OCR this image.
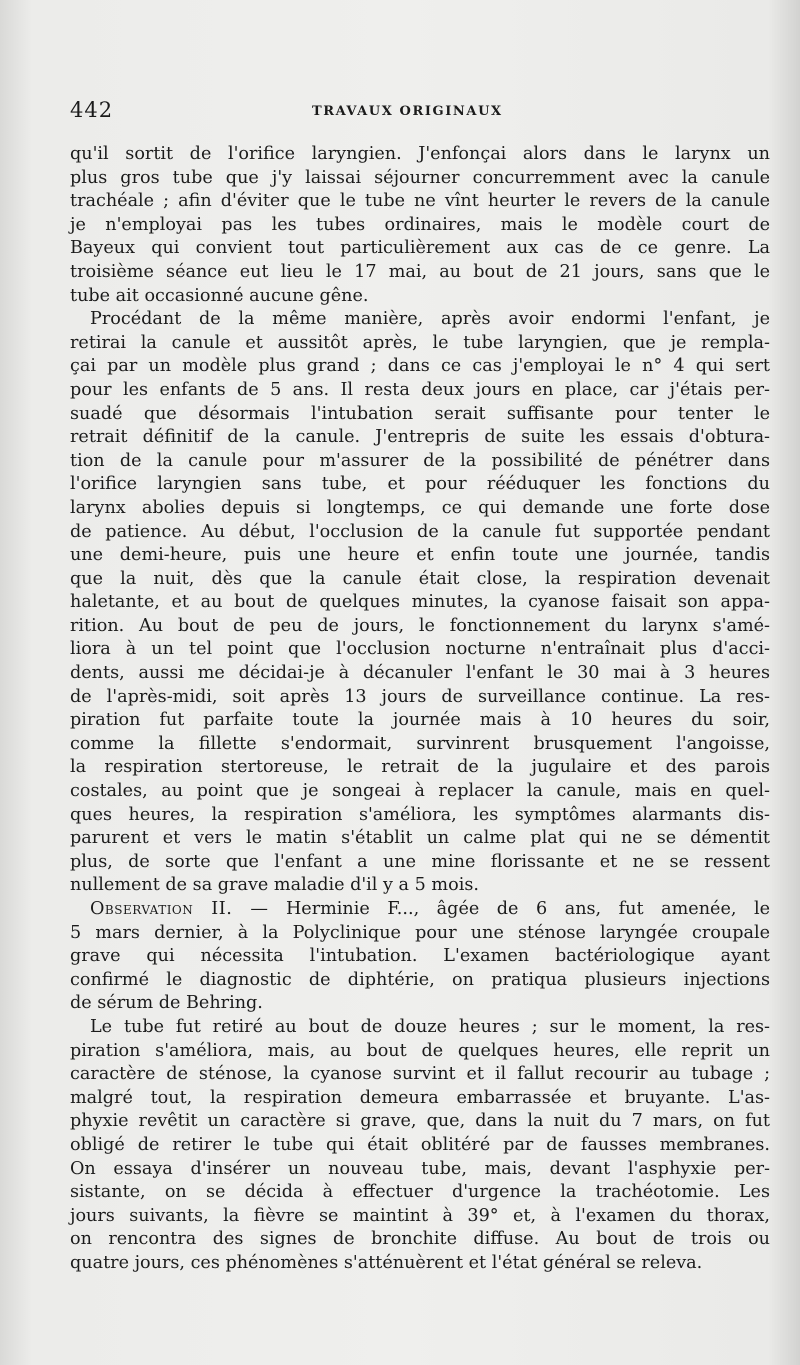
442	TRAVAUX ORIGINAUX
qu'il sortit de l'orifice laryngien. J'enfonçai alors dans le larynx un
plus gros tube que j'y laissai séjourner concurremment avec la canule
trachéale ; afin d'éviter que le tube ne vînt heurter le revers de la canule
je n'employai pas les tubes ordinaires, mais le modèle court de
Bayeux qui convient tout particulièrement aux cas de ce genre. La
troisième séance eut lieu le 17 mai, au bout de 21 jours, sans que le
tube ait occasionné aucune gêne.
Procédant de la même manière, après avoir endormi l'enfant, je
retirai la canule et aussitôt après, le tube laryngien, que je rempla-
çai par un modèle plus grand ; dans ce cas j'employai le n° 4 qui sert
pour les enfants de 5 ans. Il resta deux jours en place, car j'étais per-
suadé que désormais l'intubation serait suffisante pour tenter le
retrait définitif de la canule. J'entrepris de suite les essais d'obtura-
tion de la canule pour m'assurer de la possibilité de pénétrer dans
l'orifice laryngien sans tube, et pour rééduquer les fonctions du
larynx abolies depuis si longtemps, ce qui demande une forte dose
de patience. Au début, l'occlusion de la canule fut supportée pendant
une demi-heure, puis une heure et enfin toute une journée, tandis
que la nuit, dès que la canule était close, la respiration devenait
haletante, et au bout de quelques minutes, la cyanose faisait son appa-
rition. Au bout de peu de jours, le fonctionnement du larynx s'amé-
liora à un tel point que l'occlusion nocturne n'entraînait plus d'acci-
dents, aussi me décidai-je à décanuler l'enfant le 30 mai à 3 heures
de l'après-midi, soit après 13 jours de surveillance continue. La res-
piration fut parfaite toute la journée mais à 10 heures du soir,
comme la fillette s'endormait, survinrent brusquement l'angoisse,
la respiration stertoreuse, le retrait de la jugulaire et des parois
costales, au point que je songeai à replacer la canule, mais en quel-
ques heures, la respiration s'améliora, les symptômes alarmants dis-
parurent et vers le matin s'établit un calme plat qui ne se démentit
plus, de sorte que l'enfant a une mine florissante et ne se ressent
nullement de sa grave maladie d'il y a 5 mois.
Observation II. — Herminie F..., âgée de 6 ans, fut amenée, le
5 mars dernier, à la Polyclinique pour une sténose laryngée croupale
grave qui nécessita l'intubation. L'examen bactériologique ayant
confirmé le diagnostic de diphtérie, on pratiqua plusieurs injections
de sérum de Behring.
Le tube fut retiré au bout de douze heures ; sur le moment, la res-
piration s'améliora, mais, au bout de quelques heures, elle reprit un
caractère de sténose, la cyanose survint et il fallut recourir au tubage ;
malgré tout, la respiration demeura embarrassée et bruyante. L'as-
phyxie revêtit un caractère si grave, que, dans la nuit du 7 mars, on fut
obligé de retirer le tube qui était oblitéré par de fausses membranes.
On essaya d'insérer un nouveau tube, mais, devant l'asphyxie per-
sistante, on se décida à effectuer d'urgence la trachéotomie. Les
jours suivants, la fièvre se maintint à 39° et, à l'examen du thorax,
on rencontra des signes de bronchite diffuse. Au bout de trois ou
quatre jours, ces phénomènes s'atténuèrent et l'état général se releva.
